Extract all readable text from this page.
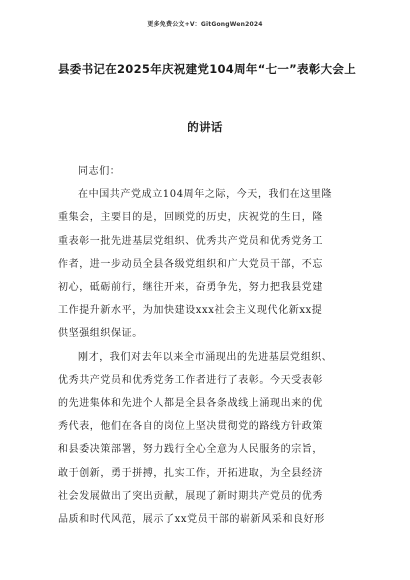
更多免费公文+V：GitGongWen2024
县委书记在2025年庆祝建党104周年“七一”表彰大会上
的讲话
同志们：

在中国共产党成立104周年之际，今天，我们在这里隆
重集会，主要目的是，回顾党的历史，庆祝党的生日，隆
重表彰一批先进基层党组织、优秀共产党员和优秀党务工
作者，进一步动员全县各级党组织和广大党员干部，不忘
初心，砥砺前行，继往开来，奋勇争先，努力把我县党建
工作提升新水平，为加快建设xxx社会主义现代化新xx提
供坚强组织保证。

刚才，我们对去年以来全市涌现出的先进基层党组织、
优秀共产党员和优秀党务工作者进行了表彰。今天受表彰
的先进集体和先进个人都是全县各条战线上涌现出来的优
秀代表，他们在各自的岗位上坚决贯彻党的路线方针政策
和县委决策部署，努力践行全心全意为人民服务的宗旨，
敢于创新，勇于拼搏，扎实工作，开拓进取，为全县经济
社会发展做出了突出贡献，展现了新时期共产党员的优秀
品质和时代风范，展示了xx党员干部的崭新风采和良好形
